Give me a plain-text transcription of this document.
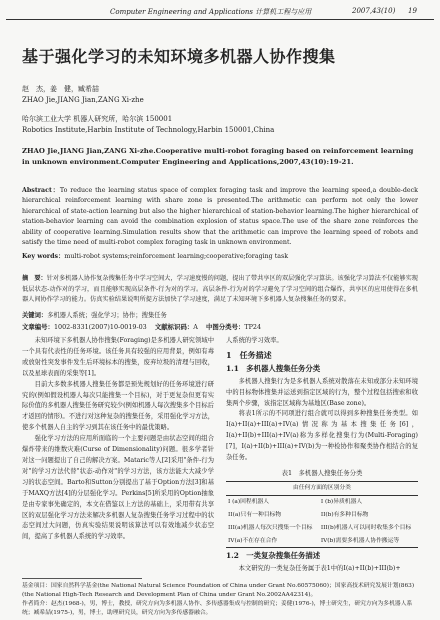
Computer Engineering and Applications 计算机工程与应用	2007,43(10) 19
基于强化学习的未知环境多机器人协作搜集
赵　杰，姜　健，臧希喆
ZHAO Jie,JIANG Jian,ZANG Xi-zhe
哈尔滨工业大学 机器人研究所，哈尔滨 150001
Robotics Institute,Harbin Institute of Technology,Harbin 150001,China
ZHAO Jie,JIANG Jian,ZANG Xi-zhe.Cooperative multi-robot foraging based on reinforcement learning in unknown environment.Computer Engineering and Applications,2007,43(10):19-21.
Abstract：To reduce the learning status space of complex foraging task and improve the learning speed,a double-deck hierarchical reinforcement learning with share zone is presented.The arithmetic can perform not only the lower hierarchical of state-action learning but also the higher hierarchical of station-behavior learning.The higher hierarchical of station-behavior learning can avoid the combination explosion of status space.The use of the share zone reinforces the ability of cooperative learning.Simulation results show that the arithmetic can improve the learning speed of robots and satisfy the time need of multi-robot complex foraging task in unknown environment.
Key words：multi-robot systems;reinforcement learning;cooperative;foraging task
摘　要：针对多机器人协作复杂搜集任务中学习空间大，学习速度慢的问题，提出了带共享区的双层强化学习算法。该强化学习算法不仅能够实现低层状态-动作对的学习，而且能够实现高层条件-行为对的学习。高层条件-行为对的学习避免了学习空间的组合爆炸，共享区的应用使得在多机器人间协作学习的能力。仿真实验结果说明所提方法加快了学习速度，满足了未知环境下多机器人复杂搜集任务的要求。
关键词：多机器人系统；强化学习；协作；搜集任务
文章编号：1002-8331(2007)10-0019-03 文献标识码：A 中图分类号：TP24

未知环境下多机器人协作搜集(Foraging)是多机器人研究领域中一个具有代表性的任务环境。该任务具有较强的应用背景，例如有毒或放射性突发事件发生后环境标本的搜集，废弃垃圾的清理与回收，以及星球表面的采集等[1]。

目前大多数多机器人搜集任务都是预先规划好的任务环境进行研究的(例如假设机器人每次只能搜集一个目标)，对于更复杂但更有实际价值的多机器人搜集任务研究较少(例如机器人每次搜集多个目标后才返回的情形)。不进行对这种复杂的搜集任务，采用强化学习方法，使多个机器人自主的学习到其在该任务中的最优策略。

强化学习方法的应用所面临的一个主要问题是由状态空间的组合爆炸带来的维数灾难(Curse of Dimensionality)问题。很多学者针对这一问题提出了自己的解决方案。Mataric等人[2]采用"条件-行为对"的学习方法代替"状态-动作对"的学习方法，该方法能大大减少学习的状态空间。Barto和Sutton分别提出了基于Option方法[3]和基于MAXQ方法[4]的分层强化学习。Perkins[5]所采用的Option抽象是由专家事先确定的，本文在借鉴以上方法的基础上，采用带有共享区的双层强化学习方法来解决多机器人复杂搜集任务学习过程中的状态空间过大问题，仿真实验结果说明该算法可以有效地减少状态空间，提高了多机器人系统的学习效率。

人系统的学习效率。

1　任务描述
1.1　多机器人搜集任务分类

多机器人搜集行为是多机器人系统对散落在未知或部分未知环境中的目标物体搜集并运送到指定区域的行为，整个过程包括搜索和收集两个步骤，该指定区域称为基地区(Base zone)。

将表1所示的不同项进行组合就可以得到多种搜集任务类型。如I(a)+II(a)+III(a)+IV(a)情况称为基本搜集任务[6]，I(a)+II(b)+III(a)+IV(a)称为多样化搜集行为(Multi-Foraging)[7]，I(a)+II(b)+III(a)+IV(b)为一种检协作和聚类协作相结合的复杂任务。

表1　多机器人搜集任务分类
由任何方面的区别分类	
I (a)回程机器人	I (b)异质机器人
II(a)只有一种目标物	II(b)有多种目标物
III(a)机器人每次只搜集一个目标	III(b)机器人可以同时收集多个目标
IV(a)不在存在合作	IV(b)需要多机器人协作搬运等
1.2　一类复杂搜集任务描述

本文研究的一类复杂任务属于表1中的I(a)+II(b)+III(b)+

基金项目：国家自然科学基金(the National Natural Science Foundation of China under Grant No.60575060)；国家高技术研究发展计划(863)(the National High-Tech Research and Development Plan of China under Grant No.2002AA42314)。
作者简介：赵杰(1968-)，男，博士，教授，研究方向为多机器人协作、多传感器集成与控制的研究；姜健(1976-)，博士研究生，研究方向为多机器人系统；臧希喆(1975-)，男，博士，助理研究员，研究方向为多传感器融合。
